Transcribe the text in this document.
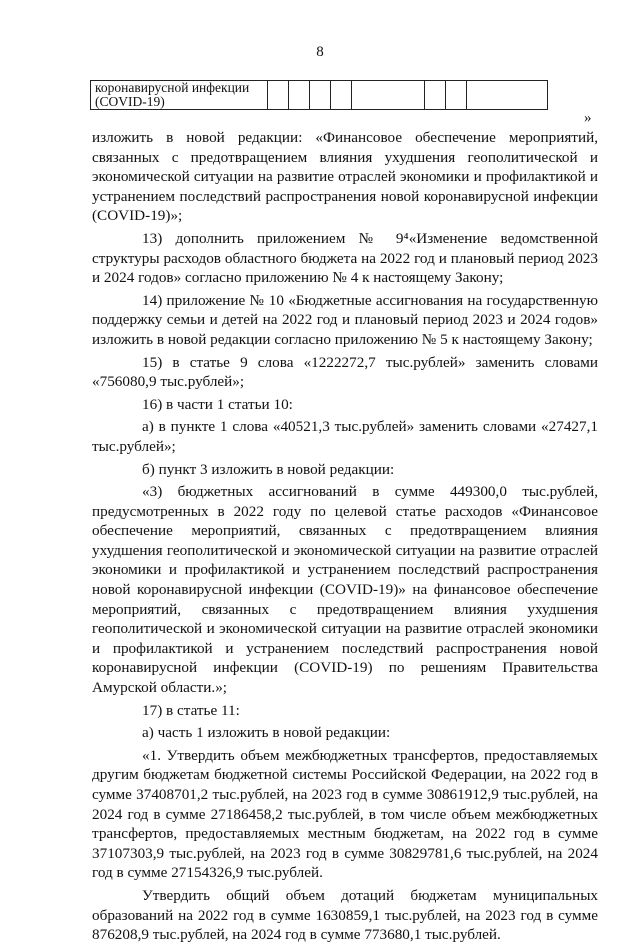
8
коронавирусной инфекции (COVID-19)								
»

изложить в новой редакции: «Финансовое обеспечение мероприятий, связанных с предотвращением влияния ухудшения геополитической и экономической ситуации на развитие отраслей экономики и профилактикой и устранением последствий распространения новой коронавирусной инфекции (COVID-19)»;

13) дополнить приложением № 9⁴«Изменение ведомственной структуры расходов областного бюджета на 2022 год и плановый период 2023 и 2024 годов» согласно приложению № 4 к настоящему Закону;

14) приложение № 10 «Бюджетные ассигнования на государственную поддержку семьи и детей на 2022 год и плановый период 2023 и 2024 годов» изложить в новой редакции согласно приложению № 5 к настоящему Закону;

15) в статье 9 слова «1222272,7 тыс.рублей» заменить словами «756080,9 тыс.рублей»;

16) в части 1 статьи 10:

а) в пункте 1 слова «40521,3 тыс.рублей» заменить словами «27427,1 тыс.рублей»;

б) пункт 3 изложить в новой редакции:

«3) бюджетных ассигнований в сумме 449300,0 тыс.рублей, предусмотренных в 2022 году по целевой статье расходов «Финансовое обеспечение мероприятий, связанных с предотвращением влияния ухудшения геополитической и экономической ситуации на развитие отраслей экономики и профилактикой и устранением последствий распространения новой коронавирусной инфекции (COVID-19)» на финансовое обеспечение мероприятий, связанных с предотвращением влияния ухудшения геополитической и экономической ситуации на развитие отраслей экономики и профилактикой и устранением последствий распространения новой коронавирусной инфекции (COVID-19) по решениям Правительства Амурской области.»;

17) в статье 11:

а) часть 1 изложить в новой редакции:

«1. Утвердить объем межбюджетных трансфертов, предоставляемых другим бюджетам бюджетной системы Российской Федерации, на 2022 год в сумме 37408701,2 тыс.рублей, на 2023 год в сумме 30861912,9 тыс.рублей, на 2024 год в сумме 27186458,2 тыс.рублей, в том числе объем межбюджетных трансфертов, предоставляемых местным бюджетам, на 2022 год в сумме 37107303,9 тыс.рублей, на 2023 год в сумме 30829781,6 тыс.рублей, на 2024 год в сумме 27154326,9 тыс.рублей.

Утвердить общий объем дотаций бюджетам муниципальных образований на 2022 год в сумме 1630859,1 тыс.рублей, на 2023 год в сумме 876208,9 тыс.рублей, на 2024 год в сумме 773680,1 тыс.рублей.
